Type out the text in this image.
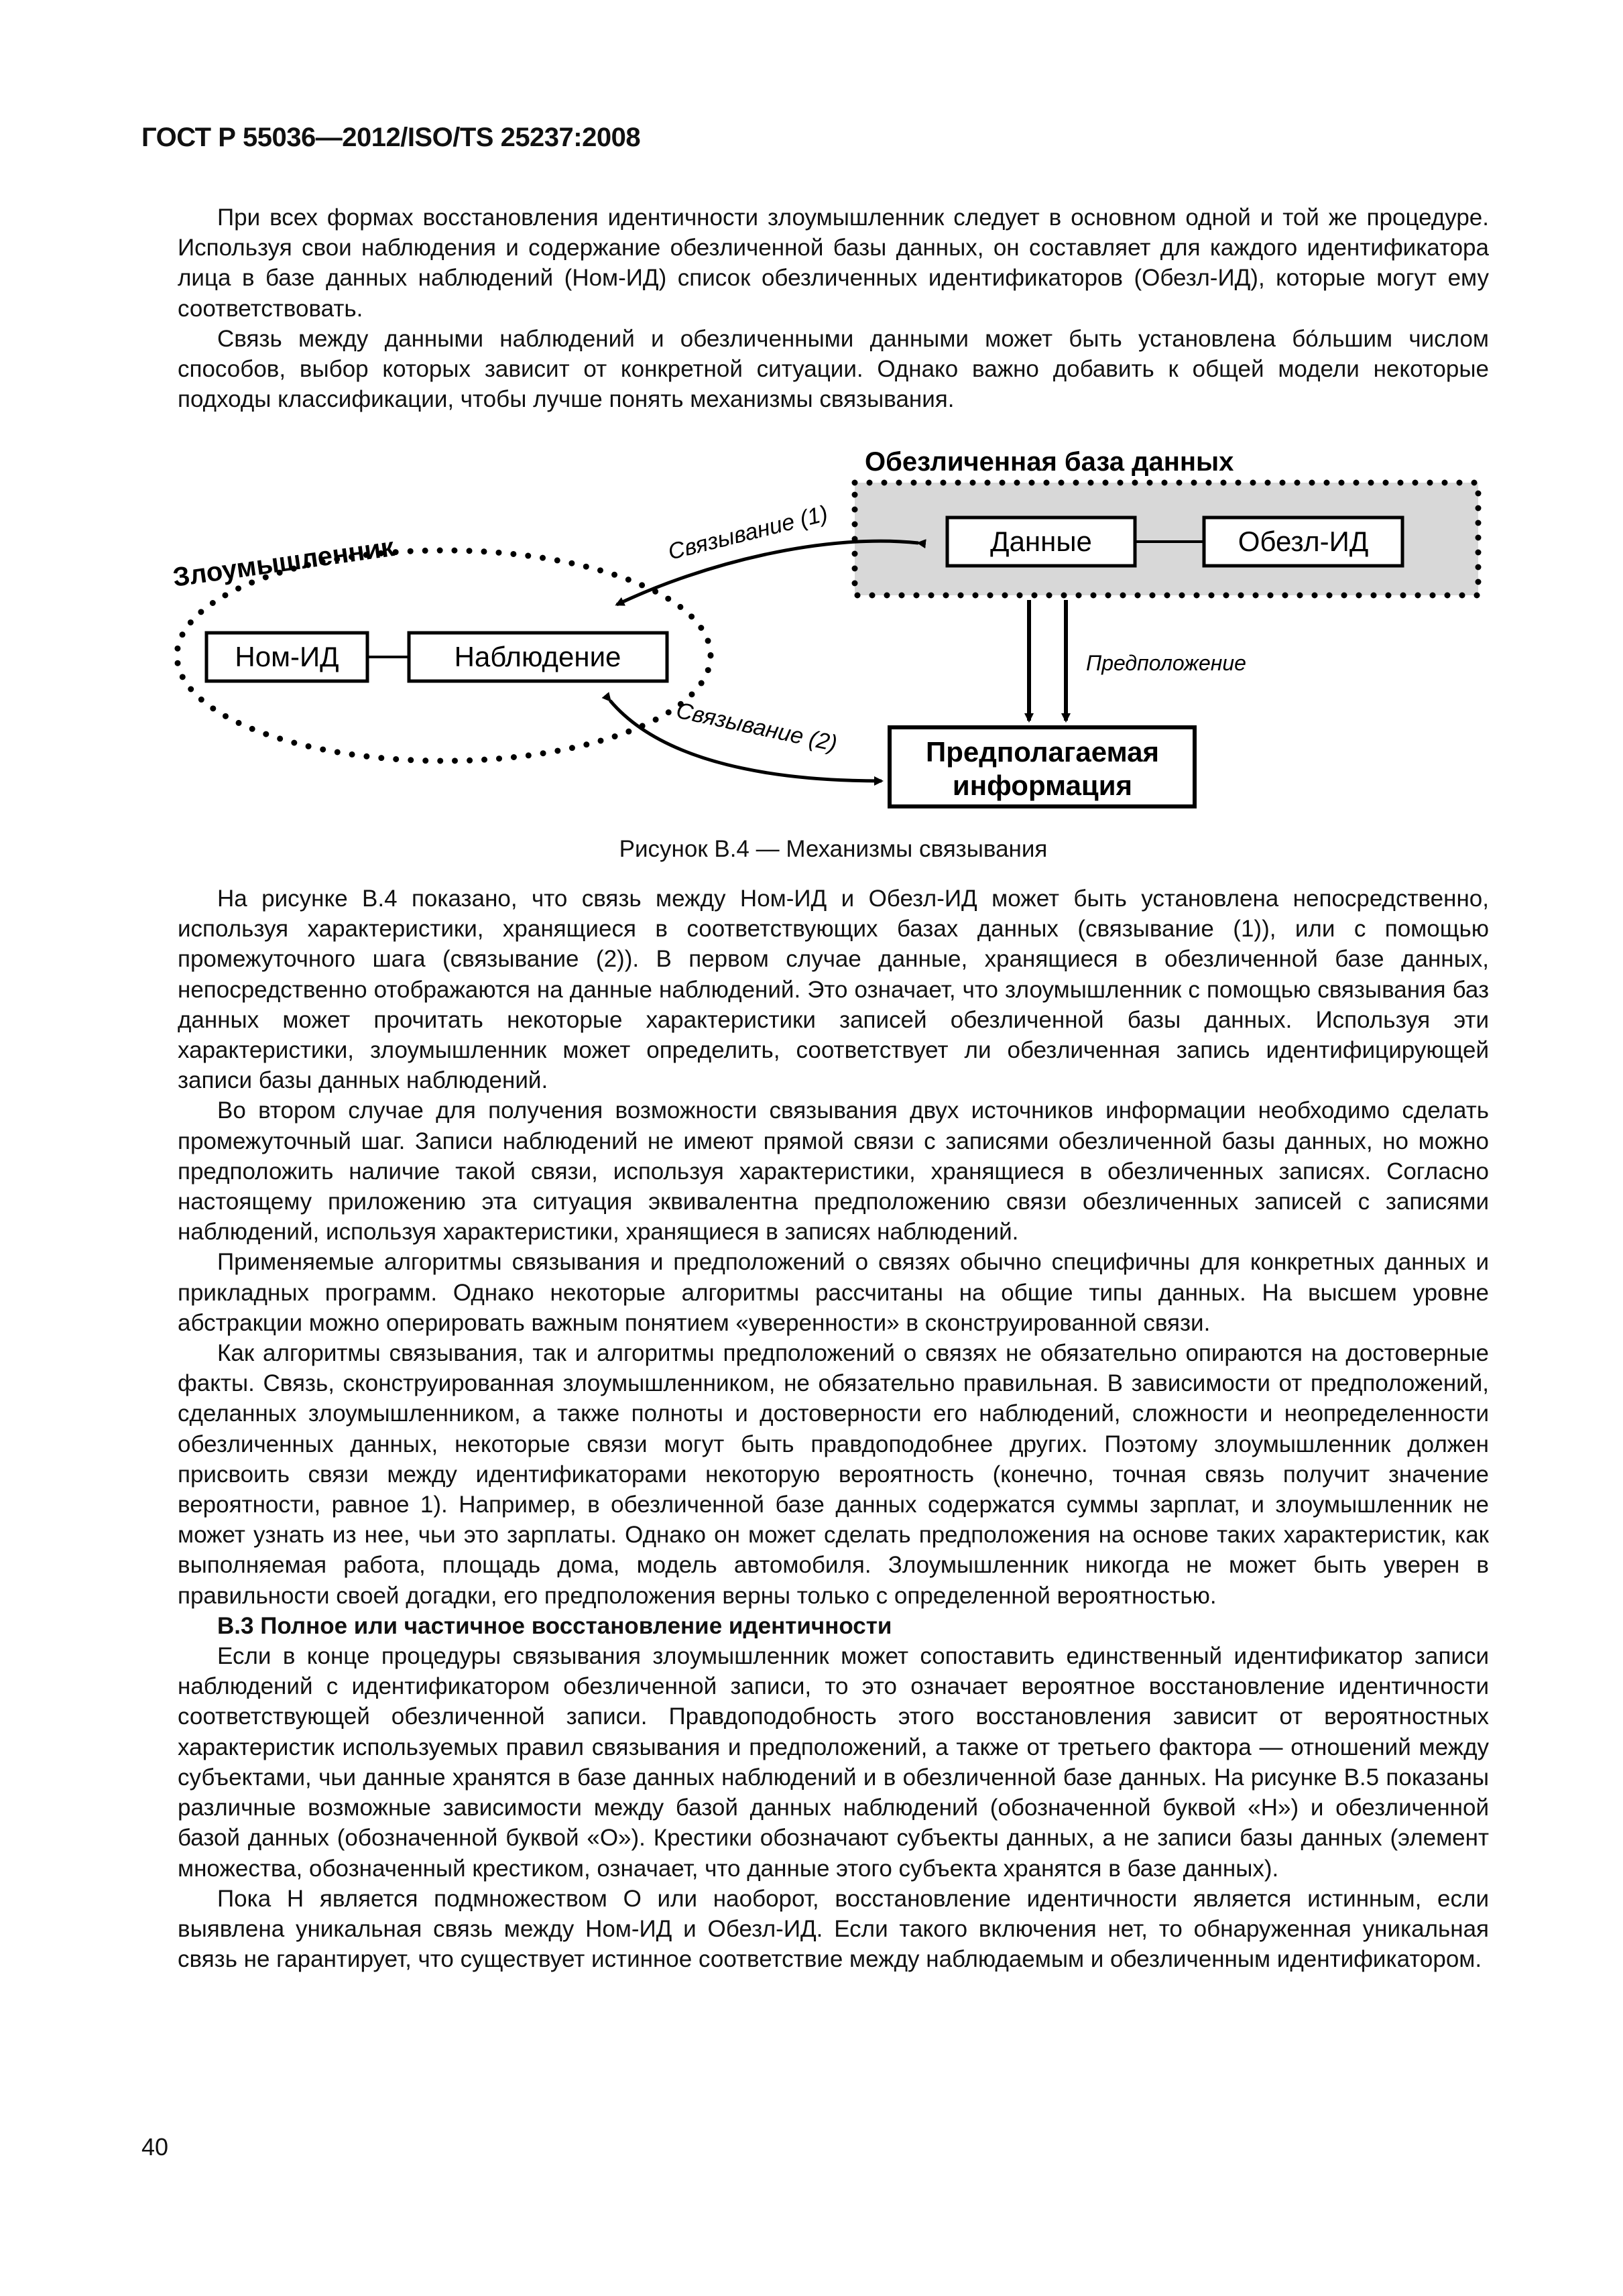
ГОСТ Р 55036—2012/ISO/TS 25237:2008

При всех формах восстановления идентичности злоумышленник следует в основном одной и той же процедуре. Используя свои наблюдения и содержание обезличенной базы данных, он составляет для каждого идентификатора лица в базе данных наблюдений (Ном-ИД) список обезличенных идентификаторов (Обезл-ИД), которые могут ему соответствовать.

Связь между данными наблюдений и обезличенными данными может быть установлена бо́льшим числом способов, выбор которых зависит от конкретной ситуации. Однако важно добавить к общей модели некоторые подходы классификации, чтобы лучше понять механизмы связывания.

Обезличенная база данных
Данные	Обезл-ИД
Злоумышленник
Ном-ИД	Наблюдение
Связывание (1)
Связывание (2)
Предположение
Предполагаемая
информация
Рисунок В.4 — Механизмы связывания

На рисунке В.4 показано, что связь между Ном-ИД и Обезл-ИД может быть установлена непосредственно, используя характеристики, хранящиеся в соответствующих базах данных (связывание (1)), или с помощью промежуточного шага (связывание (2)). В первом случае данные, хранящиеся в обезличенной базе данных, непосредственно отображаются на данные наблюдений. Это означает, что злоумышленник с помощью связывания баз данных может прочитать некоторые характеристики записей обезличенной базы данных. Используя эти характеристики, злоумышленник может определить, соответствует ли обезличенная запись идентифицирующей записи базы данных наблюдений.

Во втором случае для получения возможности связывания двух источников информации необходимо сделать промежуточный шаг. Записи наблюдений не имеют прямой связи с записями обезличенной базы данных, но можно предположить наличие такой связи, используя характеристики, хранящиеся в обезличенных записях. Согласно настоящему приложению эта ситуация эквивалентна предположению связи обезличенных записей с записями наблюдений, используя характеристики, хранящиеся в записях наблюдений.

Применяемые алгоритмы связывания и предположений о связях обычно специфичны для конкретных данных и прикладных программ. Однако некоторые алгоритмы рассчитаны на общие типы данных. На высшем уровне абстракции можно оперировать важным понятием «уверенности» в сконструированной связи.

Как алгоритмы связывания, так и алгоритмы предположений о связях не обязательно опираются на достоверные факты. Связь, сконструированная злоумышленником, не обязательно правильная. В зависимости от предположений, сделанных злоумышленником, а также полноты и достоверности его наблюдений, сложности и неопределенности обезличенных данных, некоторые связи могут быть правдоподобнее других. Поэтому злоумышленник должен присвоить связи между идентификаторами некоторую вероятность (конечно, точная связь получит значение вероятности, равное 1). Например, в обезличенной базе данных содержатся суммы зарплат, и злоумышленник не может узнать из нее, чьи это зарплаты. Однако он может сделать предположения на основе таких характеристик, как выполняемая работа, площадь дома, модель автомобиля. Злоумышленник никогда не может быть уверен в правильности своей догадки, его предположения верны только с определенной вероятностью.

В.3 Полное или частичное восстановление идентичности

Если в конце процедуры связывания злоумышленник может сопоставить единственный идентификатор записи наблюдений с идентификатором обезличенной записи, то это означает вероятное восстановление идентичности соответствующей обезличенной записи. Правдоподобность этого восстановления зависит от вероятностных характеристик используемых правил связывания и предположений, а также от третьего фактора — отношений между субъектами, чьи данные хранятся в базе данных наблюдений и в обезличенной базе данных. На рисунке В.5 показаны различные возможные зависимости между базой данных наблюдений (обозначенной буквой «Н») и обезличенной базой данных (обозначенной буквой «О»). Крестики обозначают субъекты данных, а не записи базы данных (элемент множества, обозначенный крестиком, означает, что данные этого субъекта хранятся в базе данных).

Пока Н является подмножеством О или наоборот, восстановление идентичности является истинным, если выявлена уникальная связь между Ном-ИД и Обезл-ИД. Если такого включения нет, то обнаруженная уникальная связь не гарантирует, что существует истинное соответствие между наблюдаемым и обезличенным идентификатором.

40
